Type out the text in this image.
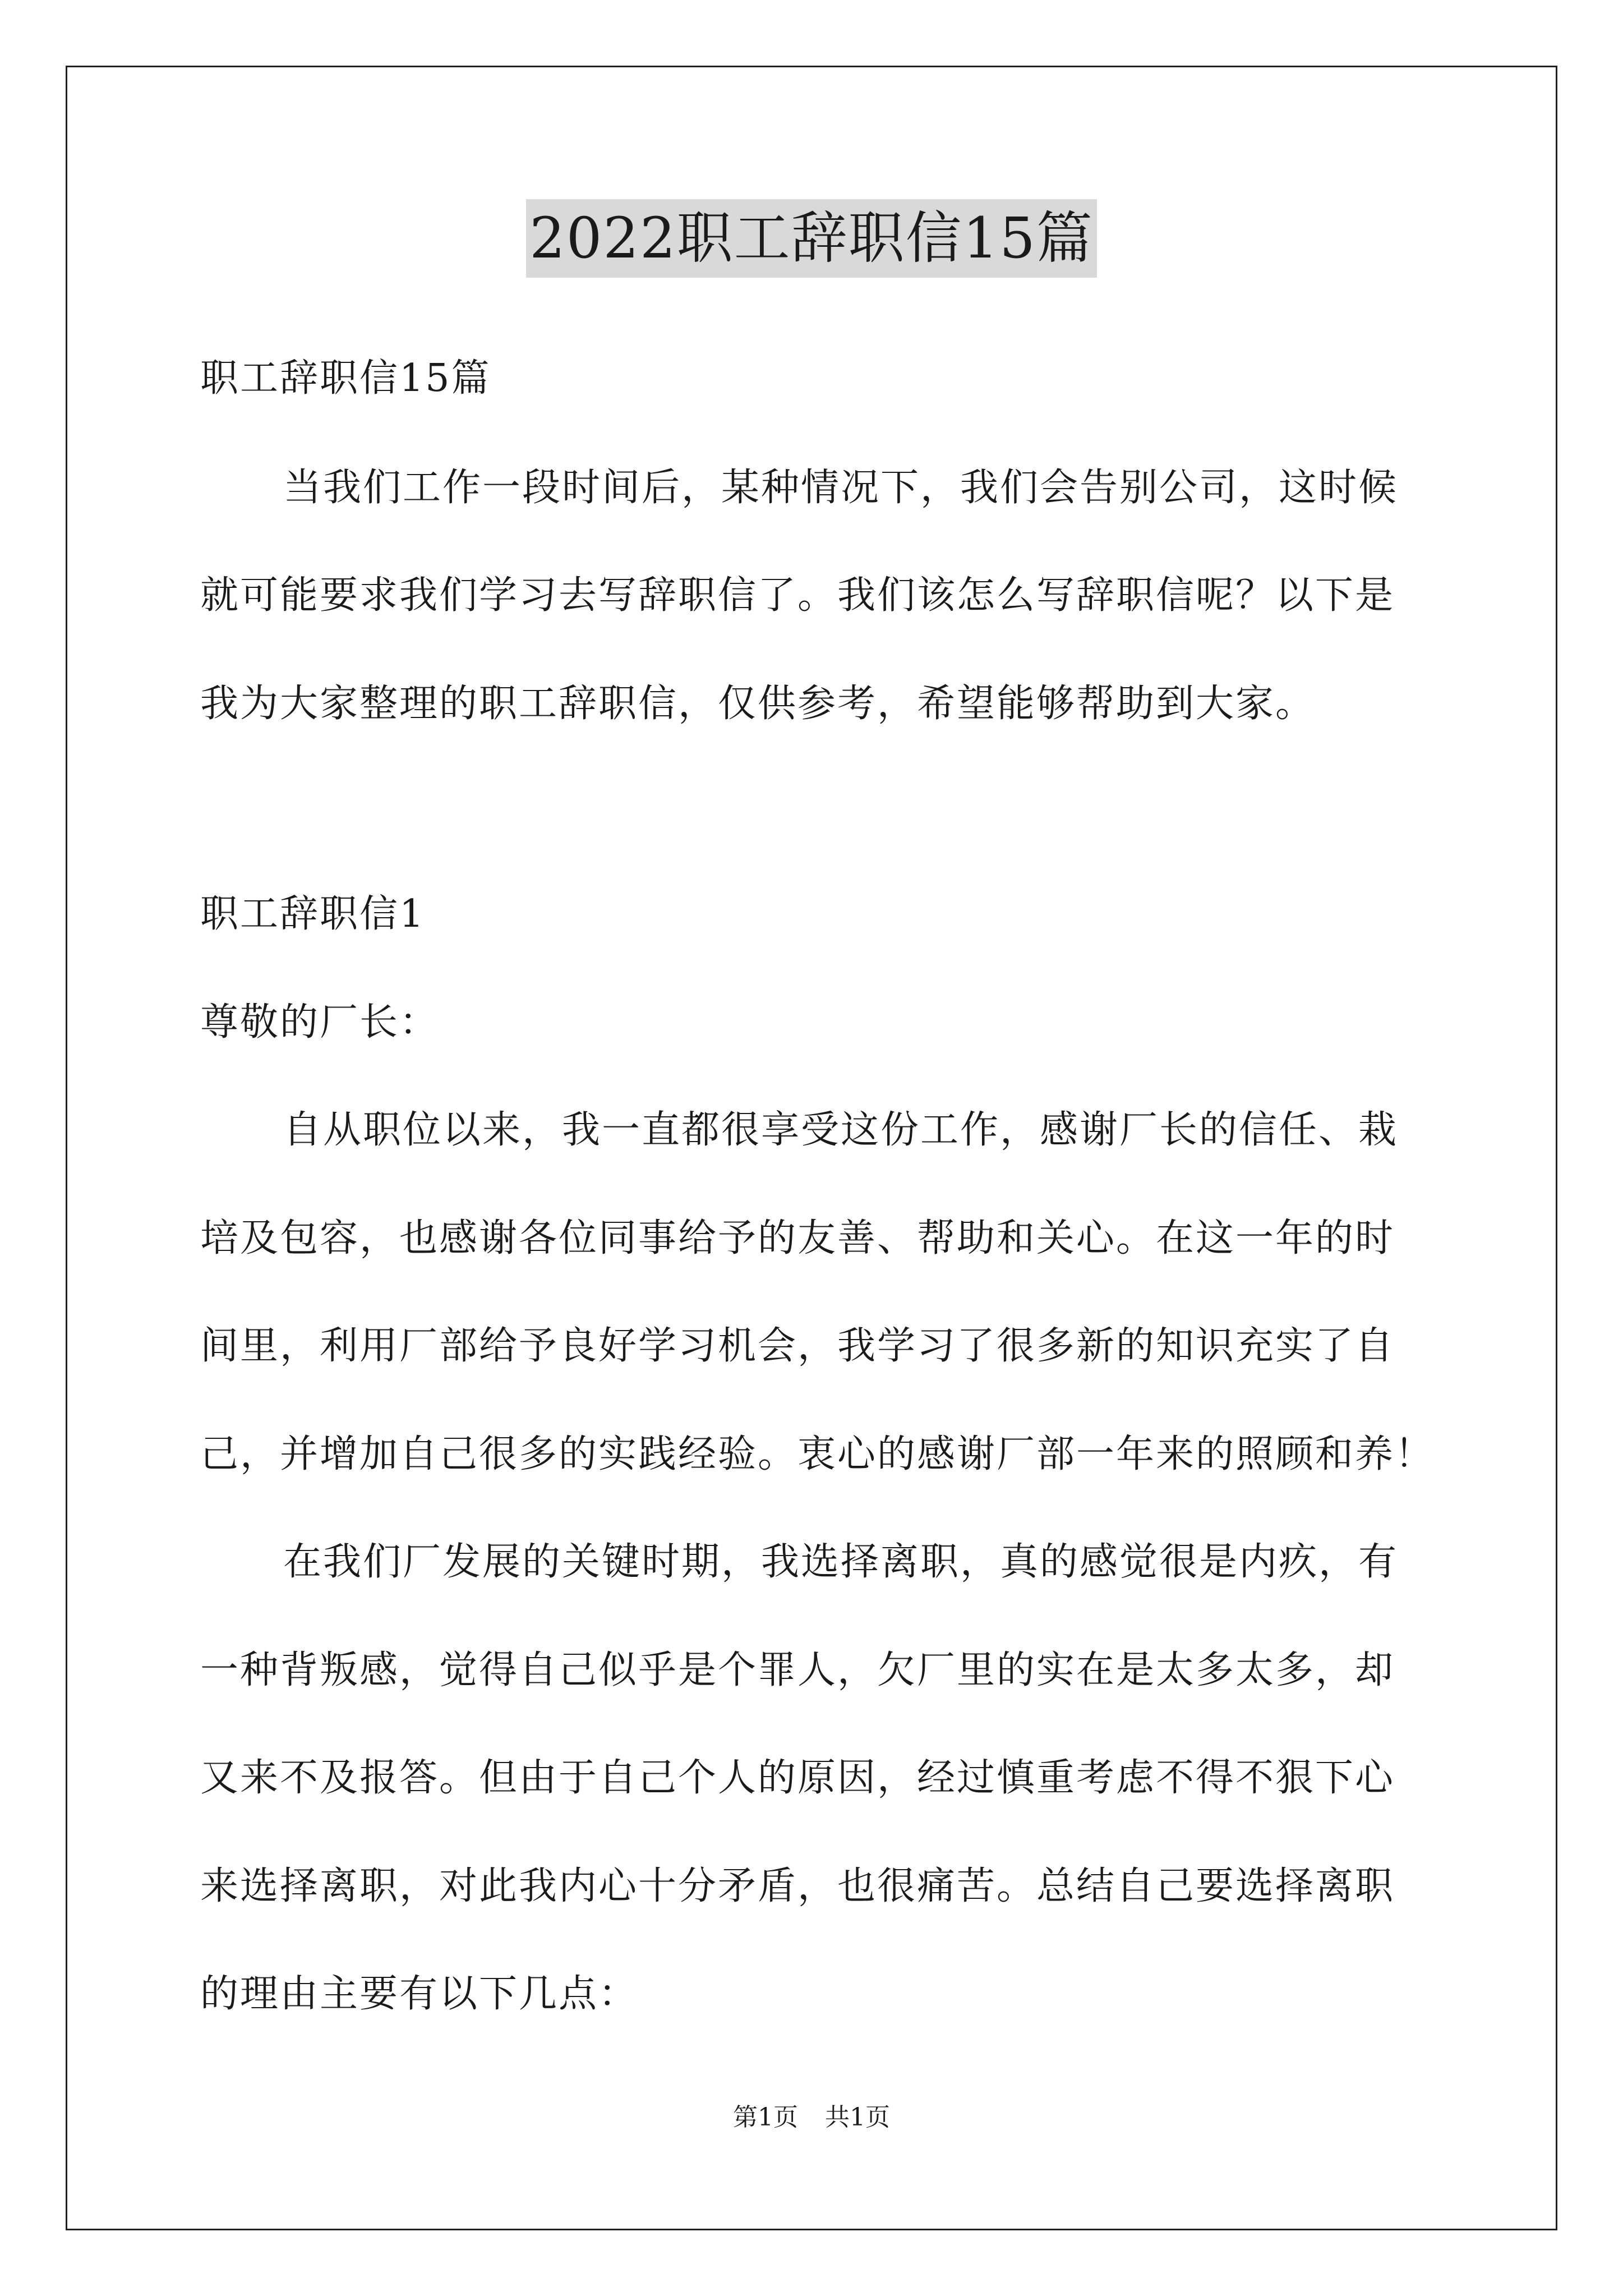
2022职工辞职信15篇
职工辞职信15篇
当我们工作一段时间后，某种情况下，我们会告别公司，这时候
就可能要求我们学习去写辞职信了。我们该怎么写辞职信呢？以下是
我为大家整理的职工辞职信，仅供参考，希望能够帮助到大家。
职工辞职信1
尊敬的厂长：
自从职位以来，我一直都很享受这份工作，感谢厂长的信任、栽
培及包容，也感谢各位同事给予的友善、帮助和关心。在这一年的时
间里，利用厂部给予良好学习机会，我学习了很多新的知识充实了自
己，并增加自己很多的实践经验。衷心的感谢厂部一年来的照顾和养！
在我们厂发展的关键时期，我选择离职，真的感觉很是内疚，有
一种背叛感，觉得自己似乎是个罪人，欠厂里的实在是太多太多，却
又来不及报答。但由于自己个人的原因，经过慎重考虑不得不狠下心
来选择离职，对此我内心十分矛盾，也很痛苦。总结自己要选择离职
的理由主要有以下几点：
第1页 共1页
